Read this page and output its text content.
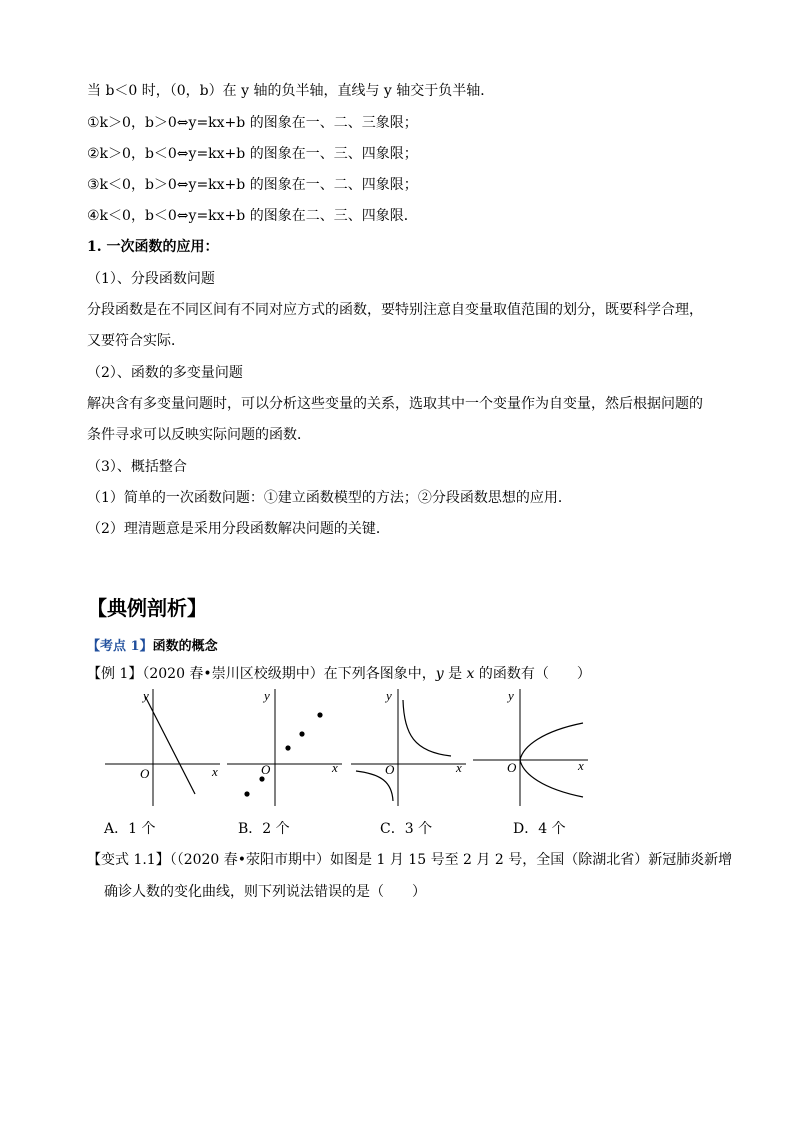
当 b＜0 时，（0，b）在 y 轴的负半轴，直线与 y 轴交于负半轴．
①k＞0，b＞0⇔y=kx+b 的图象在一、二、三象限；
②k＞0，b＜0⇔y=kx+b 的图象在一、三、四象限；
③k＜0，b＞0⇔y=kx+b 的图象在一、二、四象限；
④k＜0，b＜0⇔y=kx+b 的图象在二、三、四象限．
1. 一次函数的应用：
（1）、分段函数问题
分段函数是在不同区间有不同对应方式的函数，要特别注意自变量取值范围的划分，既要科学合理，
又要符合实际．
（2）、函数的多变量问题
解决含有多变量问题时，可以分析这些变量的关系，选取其中一个变量作为自变量，然后根据问题的
条件寻求可以反映实际问题的函数．
（3）、概括整合
（1）简单的一次函数问题：①建立函数模型的方法；②分段函数思想的应用．
（2）理清题意是采用分段函数解决问题的关键．
【典例剖析】
【考点 1】函数的概念
【例 1】（2020 春•崇川区校级期中）在下列各图象中，y 是 x 的函数有（　　）
y
x
O
y
x
O
y
x
O
y
x
O
A．1 个	B．2 个	C．3 个	D．4 个
【变式 1.1】（（2020 春•荥阳市期中）如图是 1 月 15 号至 2 月 2 号，全国（除湖北省）新冠肺炎新增
确诊人数的变化曲线，则下列说法错误的是（　　）
